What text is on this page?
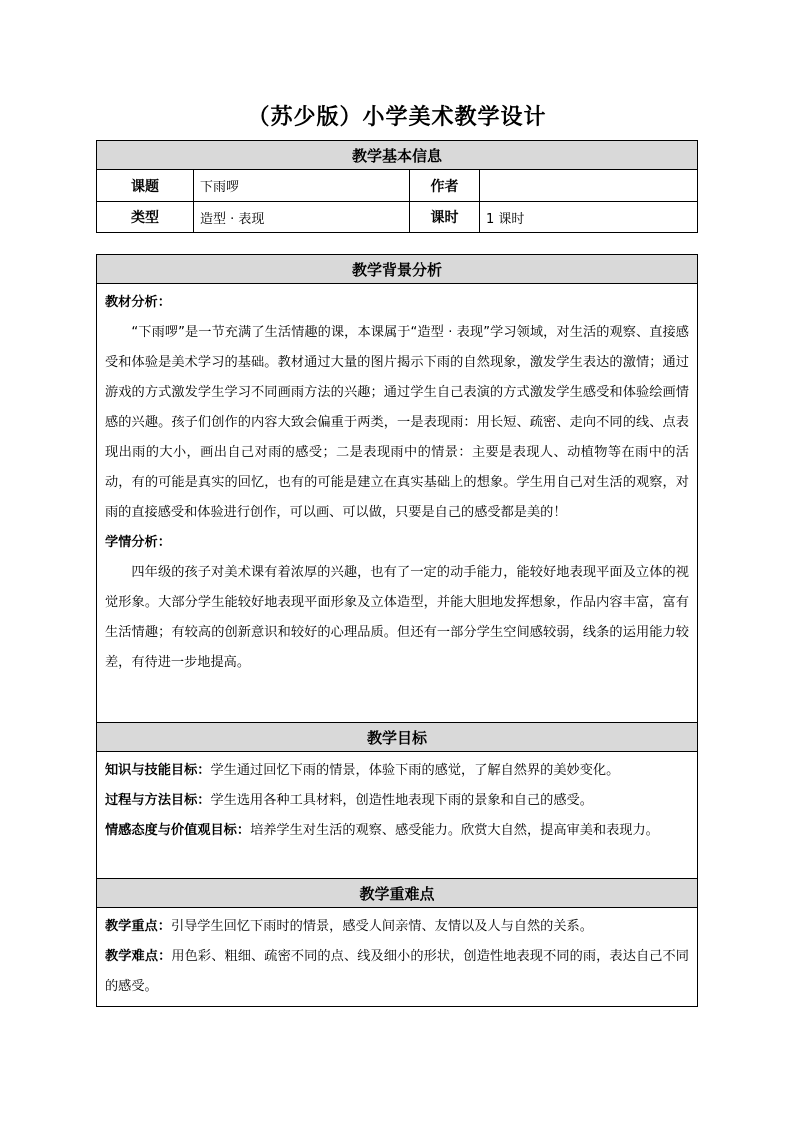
（苏少版）小学美术教学设计
教学基本信息			
课题	下雨啰	作者	
类型	造型 · 表现	课时	1 课时
教学背景分析

教材分析：
“下雨啰”是一节充满了生活情趣的课，本课属于“造型 · 表现”学习领域，对生活的观察、直接感受和体验是美术学习的基础。教材通过大量的图片揭示下雨的自然现象，激发学生表达的激情；通过游戏的方式激发学生学习不同画雨方法的兴趣；通过学生自己表演的方式激发学生感受和体验绘画情感的兴趣。孩子们创作的内容大致会偏重于两类，一是表现雨：用长短、疏密、走向不同的线、点表现出雨的大小，画出自己对雨的感受；二是表现雨中的情景：主要是表现人、动植物等在雨中的活动，有的可能是真实的回忆，也有的可能是建立在真实基础上的想象。学生用自己对生活的观察，对雨的直接感受和体验进行创作，可以画、可以做，只要是自己的感受都是美的！
学情分析：
四年级的孩子对美术课有着浓厚的兴趣，也有了一定的动手能力，能较好地表现平面及立体的视觉形象。大部分学生能较好地表现平面形象及立体造型，并能大胆地发挥想象，作品内容丰富，富有生活情趣；有较高的创新意识和较好的心理品质。但还有一部分学生空间感较弱，线条的运用能力较差，有待进一步地提高。

教学目标

知识与技能目标：学生通过回忆下雨的情景，体验下雨的感觉，了解自然界的美妙变化。
过程与方法目标：学生选用各种工具材料，创造性地表现下雨的景象和自己的感受。
情感态度与价值观目标：培养学生对生活的观察、感受能力。欣赏大自然，提高审美和表现力。

教学重难点

教学重点：引导学生回忆下雨时的情景，感受人间亲情、友情以及人与自然的关系。
教学难点：用色彩、粗细、疏密不同的点、线及细小的形状，创造性地表现不同的雨，表达自己不同的感受。
